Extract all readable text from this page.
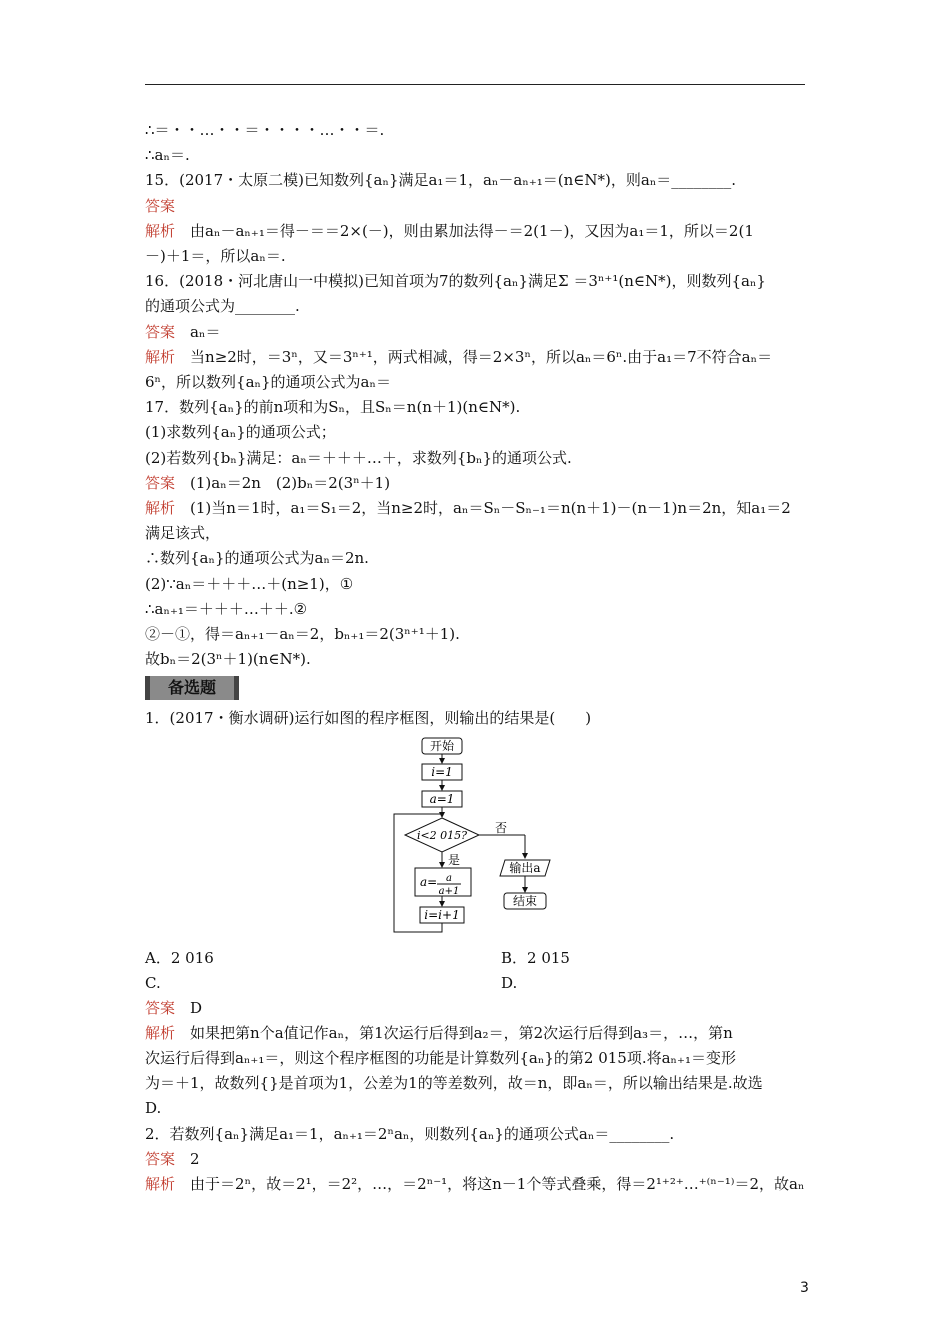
∴＝・・…・・＝・・・・…・・＝.
∴aₙ＝.
15．(2017・太原二模)已知数列{aₙ}满足a₁＝1，aₙ－aₙ₊₁＝(n∈N*)，则aₙ＝________.
答案
解析　 由aₙ－aₙ₊₁＝得－＝＝2×(－)，则由累加法得－＝2(1－)，又因为a₁＝1，所以＝2(1
－)＋1＝，所以aₙ＝.
16．(2018・河北唐山一中模拟)已知首项为7的数列{aₙ}满足Σ ＝3ⁿ⁺¹(n∈N*)，则数列{aₙ}
的通项公式为________.
答案　 aₙ＝
解析　 当n≥2时，＝3ⁿ，又＝3ⁿ⁺¹，两式相减，得＝2×3ⁿ，所以aₙ＝6ⁿ.由于a₁＝7不符合aₙ＝
6ⁿ，所以数列{aₙ}的通项公式为aₙ＝
17．数列{aₙ}的前n项和为Sₙ，且Sₙ＝n(n＋1)(n∈N*).
(1)求数列{aₙ}的通项公式；
(2)若数列{bₙ}满足：aₙ＝＋＋＋…＋，求数列{bₙ}的通项公式.
答案　 (1)aₙ＝2n　(2)bₙ＝2(3ⁿ＋1)
解析　 (1)当n＝1时，a₁＝S₁＝2，当n≥2时，aₙ＝Sₙ－Sₙ₋₁＝n(n＋1)－(n－1)n＝2n，知a₁＝2
满足该式，
∴数列{aₙ}的通项公式为aₙ＝2n.
(2)∵aₙ＝＋＋＋…＋(n≥1)，①
∴aₙ₊₁＝＋＋＋…＋＋.②
②－①，得＝aₙ₊₁－aₙ＝2，bₙ₊₁＝2(3ⁿ⁺¹＋1).
故bₙ＝2(3ⁿ＋1)(n∈N*).
备选题
1．(2017・衡水调研)运行如图的程序框图，则输出的结果是(　　)
开始
i=1
a=1
i<2 015?
否
输出a
结束
是
a= a
a+1
i=i+1
A．2 016	B．2 015
C.	D.
答案　 D
解析　 如果把第n个a值记作aₙ，第1次运行后得到a₂＝，第2次运行后得到a₃＝，…，第n
次运行后得到aₙ₊₁＝，则这个程序框图的功能是计算数列{aₙ}的第2 015项.将aₙ₊₁＝变形
为＝＋1，故数列{}是首项为1，公差为1的等差数列，故＝n，即aₙ＝，所以输出结果是.故选
D.
2．若数列{aₙ}满足a₁＝1，aₙ₊₁＝2ⁿaₙ，则数列{aₙ}的通项公式aₙ＝________.
答案　 2
解析　 由于＝2ⁿ，故＝2¹，＝2²，…，＝2ⁿ⁻¹，将这n－1个等式叠乘，得＝2¹⁺²⁺…⁺⁽ⁿ⁻¹⁾＝2，故aₙ
3
